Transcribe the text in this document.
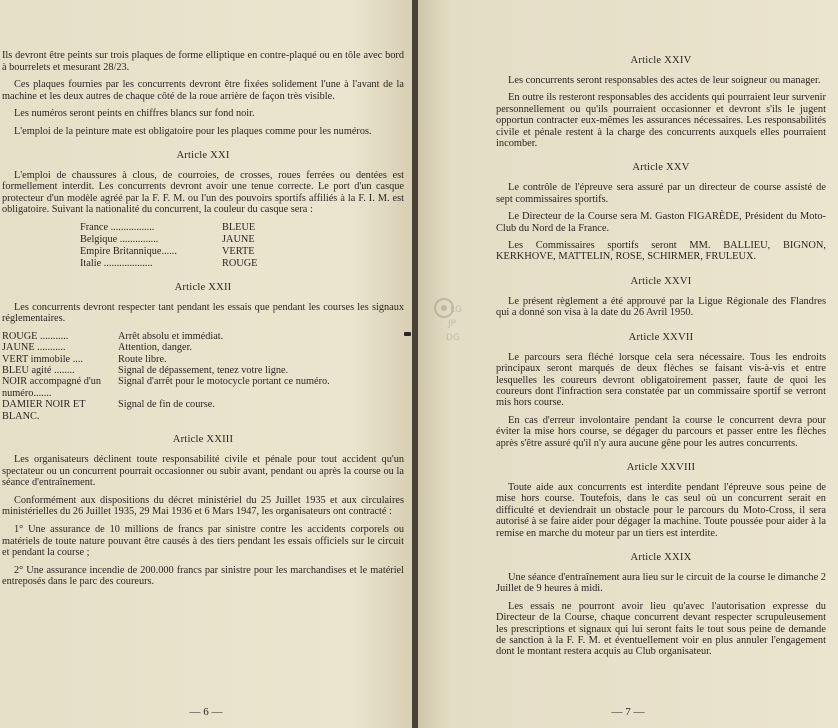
Ils devront être peints sur trois plaques de forme elliptique en contre-plaqué ou en tôle avec bord à bourrelets et mesurant 28/23.

Ces plaques fournies par les concurrents devront être fixées solidement l'une à l'avant de la machine et les deux autres de chaque côté de la roue arrière de façon très visible.

Les numéros seront peints en chiffres blancs sur fond noir.

L'emploi de la peinture mate est obligatoire pour les plaques comme pour les numéros.

Article XXI

L'emploi de chaussures à clous, de courroies, de crosses, roues ferrées ou dentées est formellement interdit. Les concurrents devront avoir une tenue correcte. Le port d'un casque protecteur d'un modèle agréé par la F. F. M. ou l'un des pouvoirs sportifs affiliés à la F. I. M. est obligatoire. Suivant la nationalité du concurrent, la couleur du casque sera :

France .................	BLEUE
Belgique ...............	JAUNE
Empire Britannique......	VERTE
Italie ...................	ROUGE
Article XXII

Les concurrents devront respecter tant pendant les essais que pendant les courses les signaux réglementaires.

ROUGE ...........	Arrêt absolu et immédiat.
JAUNE ...........	Attention, danger.
VERT immobile ....	Route libre.
BLEU agité ........	Signal de dépassement, tenez votre ligne.
NOIR accompagné d'un numéro.......	Signal d'arrêt pour le motocycle portant ce numéro.
DAMIER NOIR ET BLANC.	Signal de fin de course.
Article XXIII

Les organisateurs déclinent toute responsabilité civile et pénale pour tout accident qu'un spectateur ou un concurrent pourrait occasionner ou subir avant, pendant ou après la course ou la séance d'entraînement.

Conformément aux dispositions du décret ministériel du 25 Juillet 1935 et aux circulaires ministérielles du 26 Juillet 1935, 29 Mai 1936 et 6 Mars 1947, les organisateurs ont contracté :

1° Une assurance de 10 millions de francs par sinistre contre les accidents corporels ou matériels de toute nature pouvant être causés à des tiers pendant les essais officiels sur le circuit et pendant la course ;

2° Une assurance incendie de 200.000 francs par sinistre pour les marchandises et le matériel entreposés dans le parc des coureurs.

— 6 —
Article XXIV

Les concurrents seront responsables des actes de leur soigneur ou manager.

En outre ils resteront responsables des accidents qui pourraient leur survenir personnellement ou qu'ils pourraient occasionner et devront s'ils le jugent opportun contracter eux-mêmes les assurances nécessaires. Les responsabilités civile et pénale restent à la charge des concurrents auxquels elles pourraient incomber.

Article XXV

Le contrôle de l'épreuve sera assuré par un directeur de course assisté de sept commissaires sportifs.

Le Directeur de la Course sera M. Gaston FIGARÈDE, Président du Moto-Club du Nord de la France.

Les Commissaires sportifs seront MM. BALLIEU, BIGNON, KERKHOVE, MATTELIN, ROSE, SCHIRMER, FRULEUX.

Article XXVI

Le présent règlement a été approuvé par la Ligue Régionale des Flandres qui a donné son visa à la date du 26 Avril 1950.

Article XXVII

Le parcours sera fléché lorsque cela sera nécessaire. Tous les endroits principaux seront marqués de deux flèches se faisant vis-à-vis et entre lesquelles les coureurs devront obligatoirement passer, faute de quoi les coureurs dont l'infraction sera constatée par un commissaire sportif se verront mis hors course.

En cas d'erreur involontaire pendant la course le concurrent devra pour éviter la mise hors course, se dégager du parcours et passer entre les flèches après s'être assuré qu'il n'y aura aucune gêne pour les autres concurrents.

Article XXVIII

Toute aide aux concurrents est interdite pendant l'épreuve sous peine de mise hors course. Toutefois, dans le cas seul où un concurrent serait en difficulté et deviendrait un obstacle pour le parcours du Moto-Cross, il sera autorisé à se faire aider pour dégager la machine. Toute poussée pour aider à la remise en marche du moteur par un tiers est interdite.

Article XXIX

Une séance d'entraînement aura lieu sur le circuit de la course le dimanche 2 Juillet de 9 heures à midi.

Les essais ne pourront avoir lieu qu'avec l'autorisation expresse du Directeur de la Course, chaque concurrent devant respecter scrupuleusement les prescriptions et signaux qui lui seront faits le tout sous peine de demande de sanction à la F. F. M. et éventuellement voir en plus annuler l'engagement dont le montant restera acquis au Club organisateur.

— 7 —
LG
JP
DG
